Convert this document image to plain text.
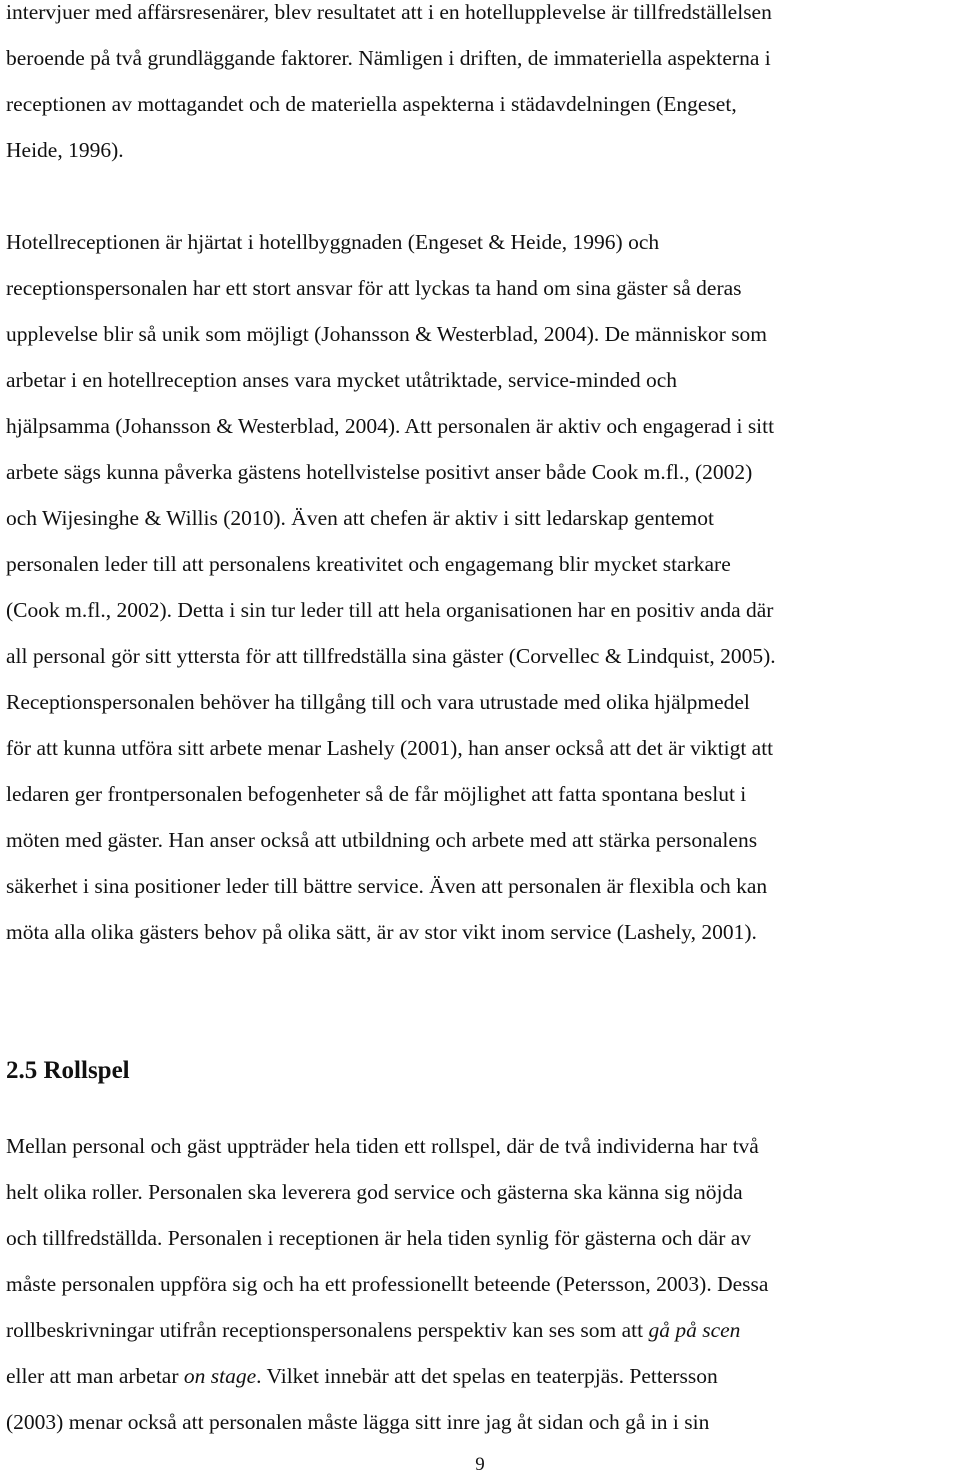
intervjuer med affärsresenärer, blev resultatet att i en hotellupplevelse är tillfredställelsen
beroende på två grundläggande faktorer. Nämligen i driften, de immateriella aspekterna i
receptionen av mottagandet och de materiella aspekterna i städavdelningen (Engeset,
Heide, 1996).

Hotellreceptionen är hjärtat i hotellbyggnaden (Engeset & Heide, 1996) och
receptionspersonalen har ett stort ansvar för att lyckas ta hand om sina gäster så deras
upplevelse blir så unik som möjligt (Johansson & Westerblad, 2004). De människor som
arbetar i en hotellreception anses vara mycket utåtriktade, service-minded och
hjälpsamma (Johansson & Westerblad, 2004). Att personalen är aktiv och engagerad i sitt
arbete sägs kunna påverka gästens hotellvistelse positivt anser både Cook m.fl., (2002)
och Wijesinghe & Willis (2010). Även att chefen är aktiv i sitt ledarskap gentemot
personalen leder till att personalens kreativitet och engagemang blir mycket starkare
(Cook m.fl., 2002). Detta i sin tur leder till att hela organisationen har en positiv anda där
all personal gör sitt yttersta för att tillfredställa sina gäster (Corvellec & Lindquist, 2005).
Receptionspersonalen behöver ha tillgång till och vara utrustade med olika hjälpmedel
för att kunna utföra sitt arbete menar Lashely (2001), han anser också att det är viktigt att
ledaren ger frontpersonalen befogenheter så de får möjlighet att fatta spontana beslut i
möten med gäster. Han anser också att utbildning och arbete med att stärka personalens
säkerhet i sina positioner leder till bättre service. Även att personalen är flexibla och kan
möta alla olika gästers behov på olika sätt, är av stor vikt inom service (Lashely, 2001).

2.5 Rollspel

Mellan personal och gäst uppträder hela tiden ett rollspel, där de två individerna har två
helt olika roller. Personalen ska leverera god service och gästerna ska känna sig nöjda
och tillfredställda. Personalen i receptionen är hela tiden synlig för gästerna och där av
måste personalen uppföra sig och ha ett professionellt beteende (Petersson, 2003). Dessa
rollbeskrivningar utifrån receptionspersonalens perspektiv kan ses som att gå på scen
eller att man arbetar on stage. Vilket innebär att det spelas en teaterpjäs. Pettersson
(2003) menar också att personalen måste lägga sitt inre jag åt sidan och gå in i sin

9
